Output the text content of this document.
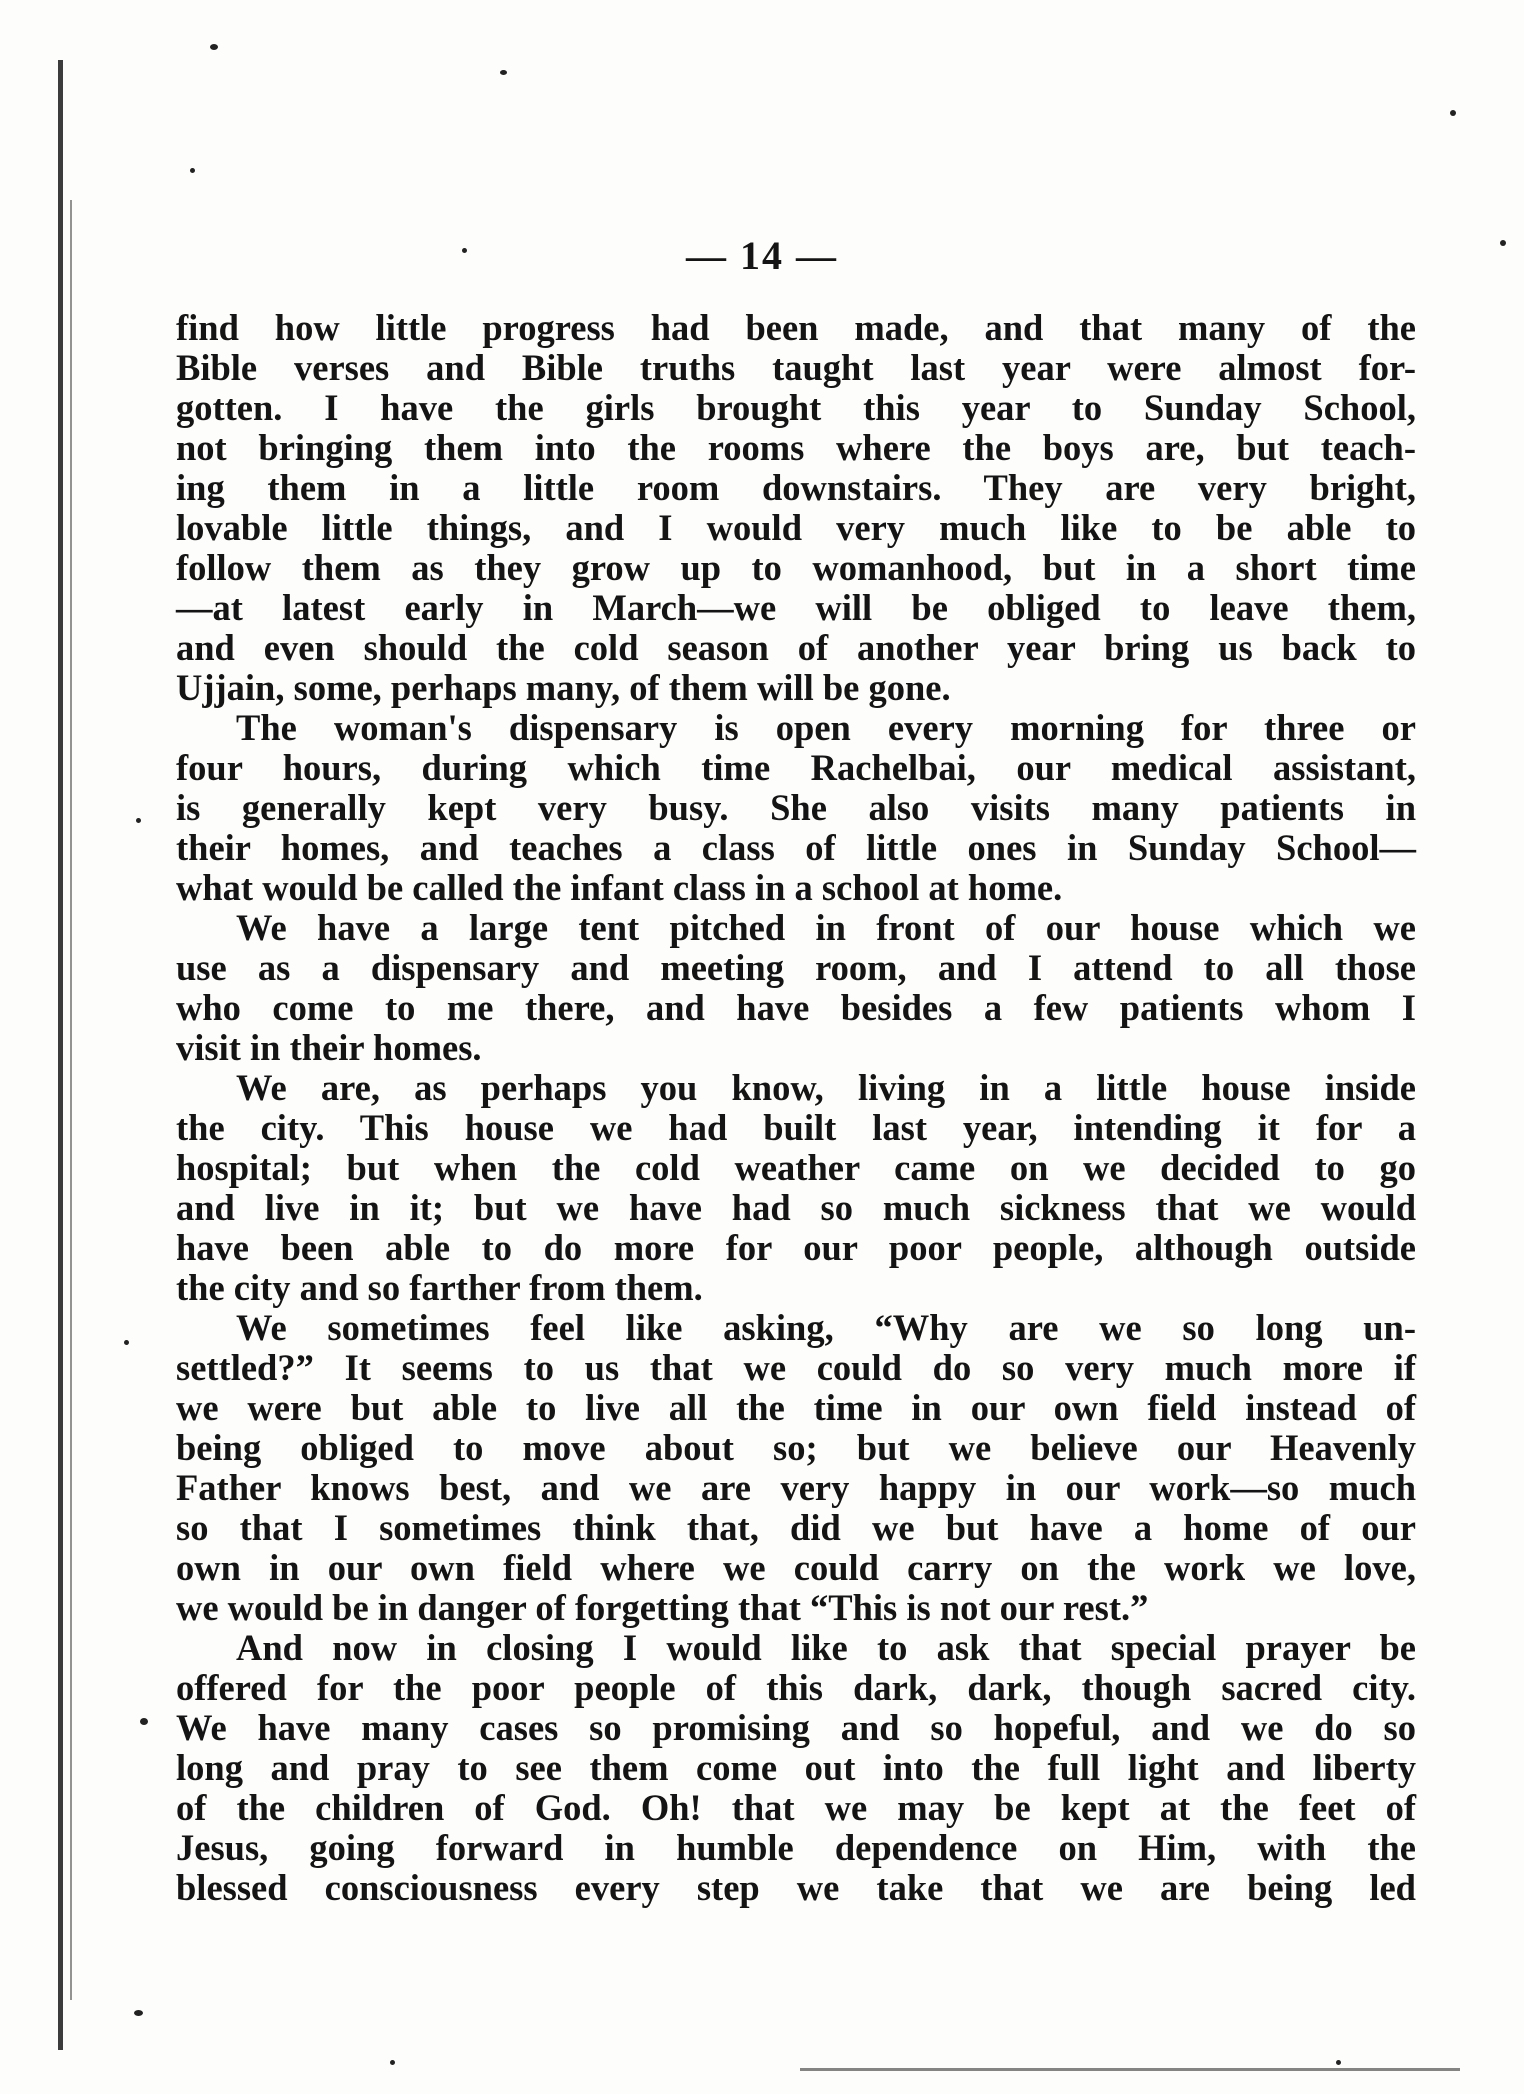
— 14 —
find how little progress had been made, and that many of the
Bible verses and Bible truths taught last year were almost for-
gotten. I have the girls brought this year to Sunday School,
not bringing them into the rooms where the boys are, but teach-
ing them in a little room downstairs. They are very bright,
lovable little things, and I would very much like to be able to
follow them as they grow up to womanhood, but in a short time
—at latest early in March—we will be obliged to leave them,
and even should the cold season of another year bring us back to
Ujjain, some, perhaps many, of them will be gone.
The woman's dispensary is open every morning for three or
four hours, during which time Rachelbai, our medical assistant,
is generally kept very busy. She also visits many patients in
their homes, and teaches a class of little ones in Sunday School—
what would be called the infant class in a school at home.
We have a large tent pitched in front of our house which we
use as a dispensary and meeting room, and I attend to all those
who come to me there, and have besides a few patients whom I
visit in their homes.
We are, as perhaps you know, living in a little house inside
the city. This house we had built last year, intending it for a
hospital; but when the cold weather came on we decided to go
and live in it; but we have had so much sickness that we would
have been able to do more for our poor people, although outside
the city and so farther from them.
We sometimes feel like asking, “Why are we so long un-
settled?” It seems to us that we could do so very much more if
we were but able to live all the time in our own field instead of
being obliged to move about so; but we believe our Heavenly
Father knows best, and we are very happy in our work—so much
so that I sometimes think that, did we but have a home of our
own in our own field where we could carry on the work we love,
we would be in danger of forgetting that “This is not our rest.”
And now in closing I would like to ask that special prayer be
offered for the poor people of this dark, dark, though sacred city.
We have many cases so promising and so hopeful, and we do so
long and pray to see them come out into the full light and liberty
of the children of God. Oh! that we may be kept at the feet of
Jesus, going forward in humble dependence on Him, with the
blessed consciousness every step we take that we are being led
